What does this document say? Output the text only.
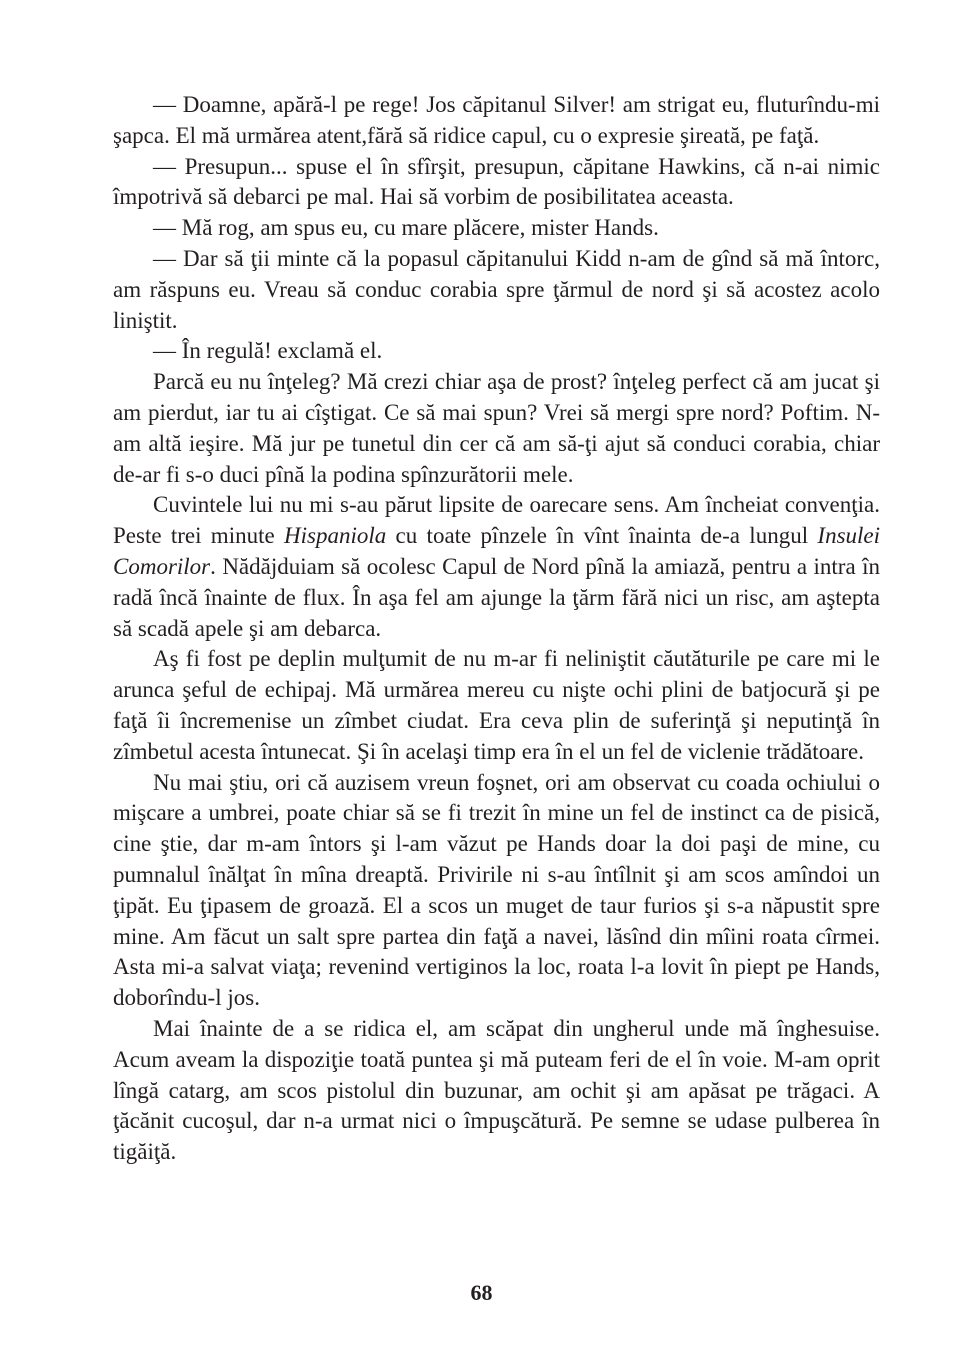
— Doamne, apără-l pe rege! Jos căpitanul Silver! am strigat eu, fluturîndu-mi şapca. El mă urmărea atent,fără să ridice capul, cu o expresie şireată, pe faţă.

— Presupun... spuse el în sfîrşit, presupun, căpitane Hawkins, că n-ai nimic împotrivă să debarci pe mal. Hai să vorbim de posibilitatea aceasta.

— Mă rog, am spus eu, cu mare plăcere, mister Hands.

— Dar să ţii minte că la popasul căpitanului Kidd n-am de gînd să mă întorc, am răspuns eu. Vreau să conduc corabia spre ţărmul de nord şi să acostez acolo liniştit.

— În regulă! exclamă el.

Parcă eu nu înţeleg? Mă crezi chiar aşa de prost? înţeleg perfect că am jucat şi am pierdut, iar tu ai cîştigat. Ce să mai spun? Vrei să mergi spre nord? Poftim. N-am altă ieşire. Mă jur pe tunetul din cer că am să-ţi ajut să conduci corabia, chiar de-ar fi s-o duci pînă la podina spînzurătorii mele.

Cuvintele lui nu mi s-au părut lipsite de oarecare sens. Am încheiat convenţia. Peste trei minute Hispaniola cu toate pînzele în vînt înainta de-a lungul Insulei Comorilor. Nădăjduiam să ocolesc Capul de Nord pînă la amiază, pentru a intra în radă încă înainte de flux. În aşa fel am ajunge la ţărm fără nici un risc, am aştepta să scadă apele şi am debarca.

Aş fi fost pe deplin mulţumit de nu m-ar fi neliniştit căutăturile pe care mi le arunca şeful de echipaj. Mă urmărea mereu cu nişte ochi plini de batjocură şi pe faţă îi încremenise un zîmbet ciudat. Era ceva plin de suferinţă şi neputinţă în zîmbetul acesta întunecat. Şi în acelaşi timp era în el un fel de viclenie trădătoare.

Nu mai ştiu, ori că auzisem vreun foşnet, ori am observat cu coada ochiului o mişcare a umbrei, poate chiar să se fi trezit în mine un fel de instinct ca de pisică, cine ştie, dar m-am întors şi l-am văzut pe Hands doar la doi paşi de mine, cu pumnalul înălţat în mîna dreaptă. Privirile ni s-au întîlnit şi am scos amîndoi un ţipăt. Eu ţipasem de groază. El a scos un muget de taur furios şi s-a năpustit spre mine. Am făcut un salt spre partea din faţă a navei, lăsînd din mîini roata cîrmei. Asta mi-a salvat viaţa; revenind vertiginos la loc, roata l-a lovit în piept pe Hands, doborîndu-l jos.

Mai înainte de a se ridica el, am scăpat din ungherul unde mă înghesuise. Acum aveam la dispoziţie toată puntea şi mă puteam feri de el în voie. M-am oprit lîngă catarg, am scos pistolul din buzunar, am ochit şi am apăsat pe trăgaci. A ţăcănit cucoşul, dar n-a urmat nici o împuşcătură. Pe semne se udase pulberea în tigăiţă.

68
